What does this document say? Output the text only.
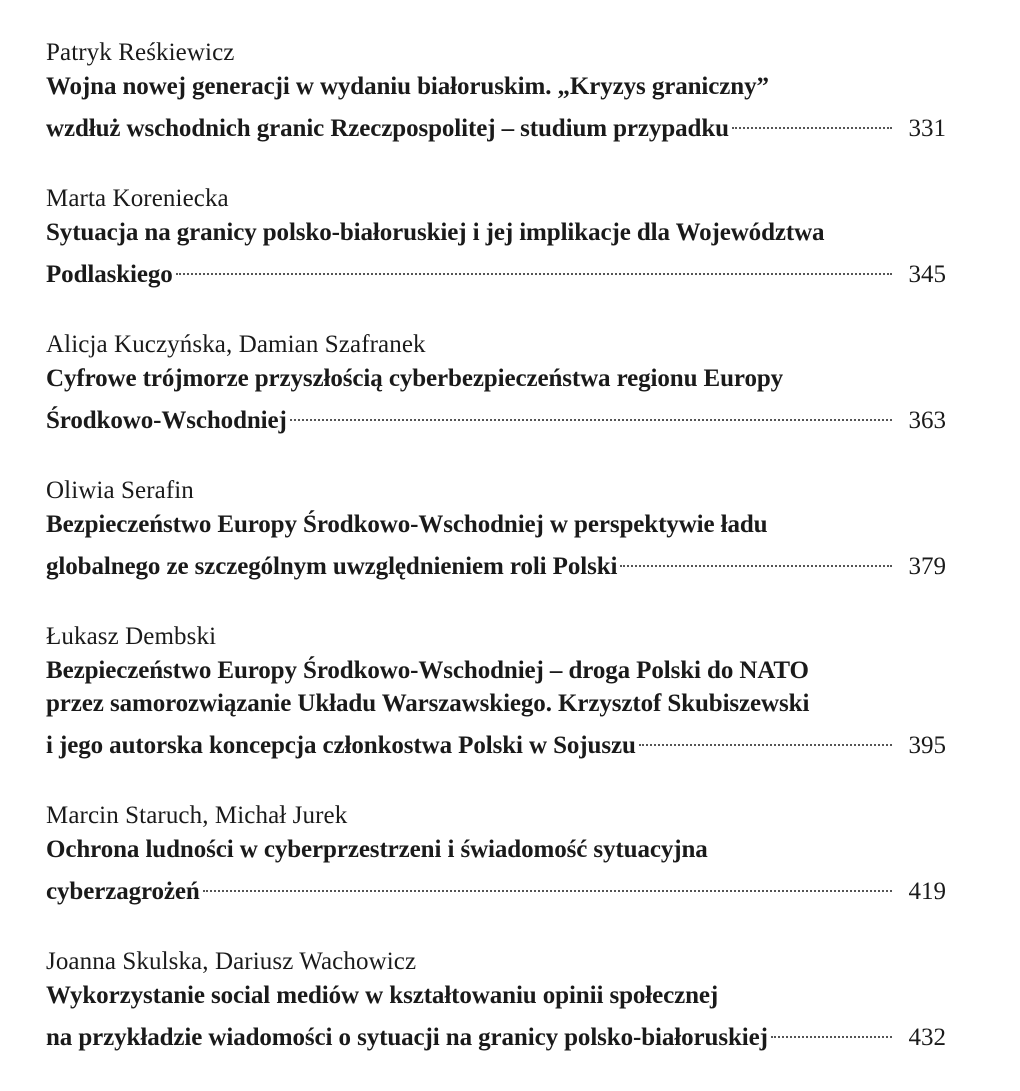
Patryk Reśkiewicz
Wojna nowej generacji w wydaniu białoruskim. „Kryzys graniczny”
wzdłuż wschodnich granic Rzeczpospolitej – studium przypadku	331
Marta Koreniecka
Sytuacja na granicy polsko-białoruskiej i jej implikacje dla Województwa
Podlaskiego	345
Alicja Kuczyńska, Damian Szafranek
Cyfrowe trójmorze przyszłością cyberbezpieczeństwa regionu Europy
Środkowo-Wschodniej	363
Oliwia Serafin
Bezpieczeństwo Europy Środkowo-Wschodniej w perspektywie ładu
globalnego ze szczególnym uwzględnieniem roli Polski	379
Łukasz Dembski
Bezpieczeństwo Europy Środkowo-Wschodniej – droga Polski do NATO
przez samorozwiązanie Układu Warszawskiego. Krzysztof Skubiszewski
i jego autorska koncepcja członkostwa Polski w Sojuszu	395
Marcin Staruch, Michał Jurek
Ochrona ludności w cyberprzestrzeni i świadomość sytuacyjna
cyberzagrożeń	419
Joanna Skulska, Dariusz Wachowicz
Wykorzystanie social mediów w kształtowaniu opinii społecznej
na przykładzie wiadomości o sytuacji na granicy polsko-białoruskiej	432
